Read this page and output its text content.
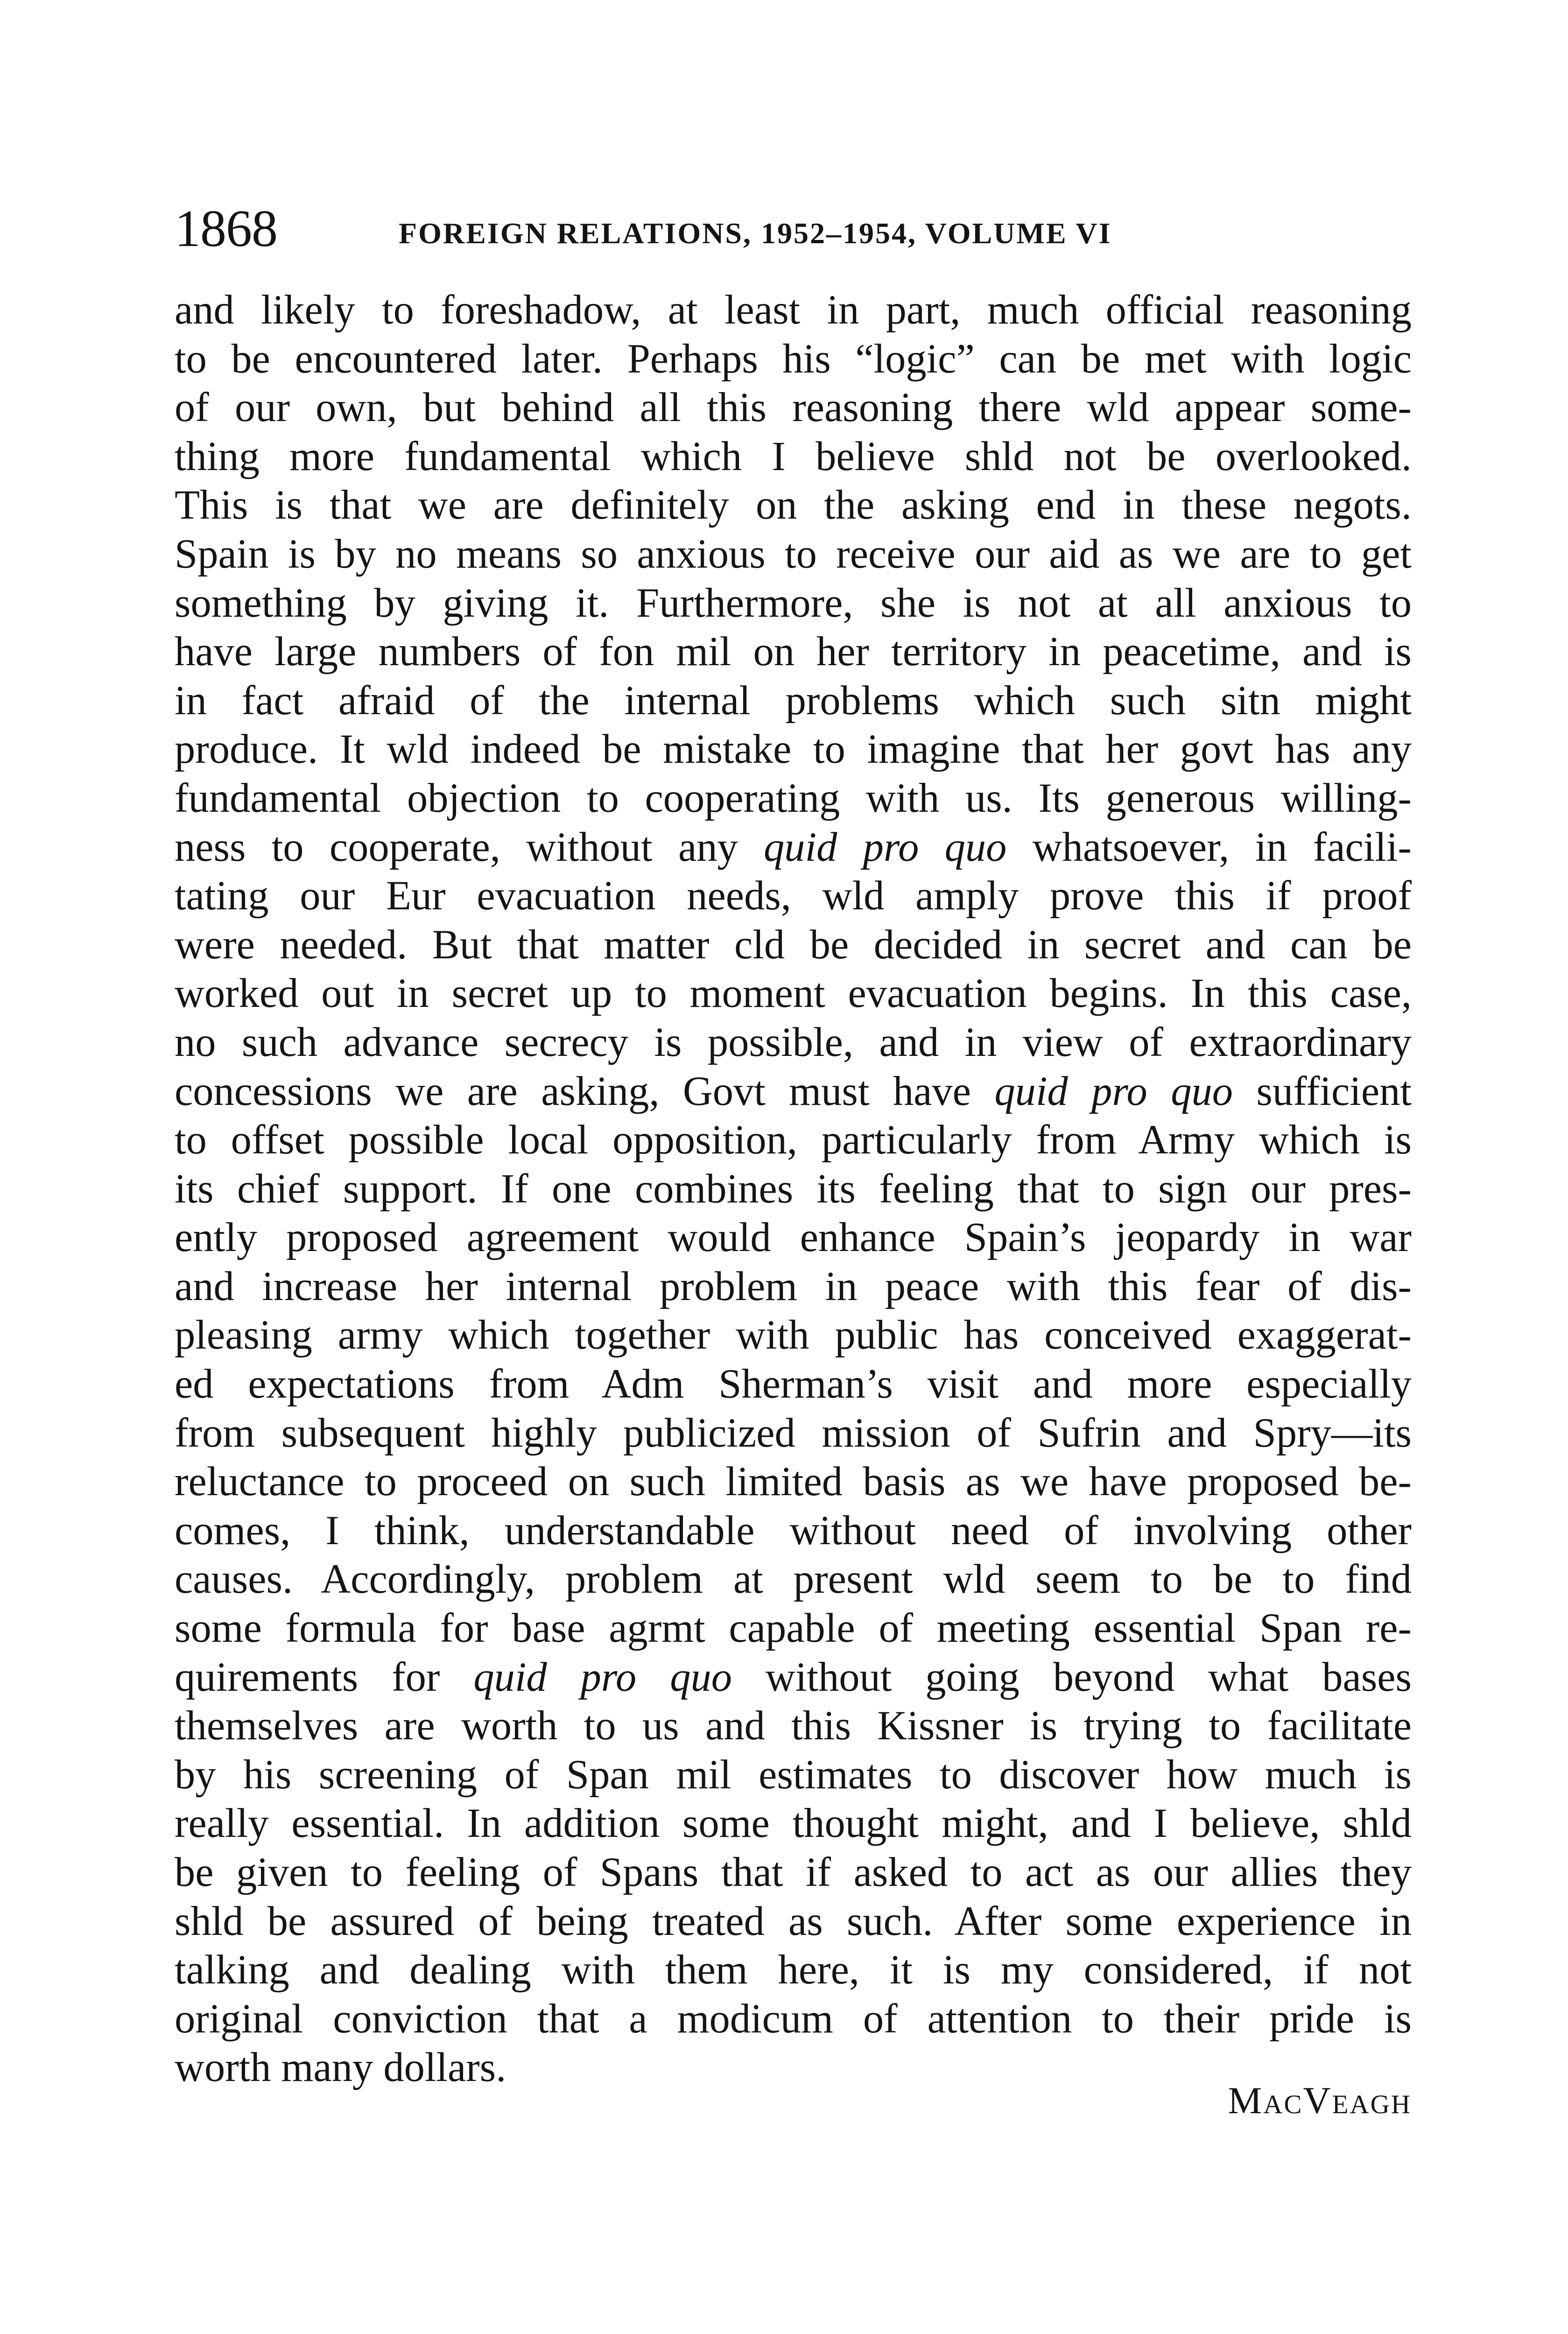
1868	FOREIGN RELATIONS, 1952–1954, VOLUME VI
and likely to foreshadow, at least in part, much official reasoning
to be encountered later. Perhaps his “logic” can be met with logic
of our own, but behind all this reasoning there wld appear some-
thing more fundamental which I believe shld not be overlooked.
This is that we are definitely on the asking end in these negots.
Spain is by no means so anxious to receive our aid as we are to get
something by giving it. Furthermore, she is not at all anxious to
have large numbers of fon mil on her territory in peacetime, and is
in fact afraid of the internal problems which such sitn might
produce. It wld indeed be mistake to imagine that her govt has any
fundamental objection to cooperating with us. Its generous willing-
ness to cooperate, without any quid pro quo whatsoever, in facili-
tating our Eur evacuation needs, wld amply prove this if proof
were needed. But that matter cld be decided in secret and can be
worked out in secret up to moment evacuation begins. In this case,
no such advance secrecy is possible, and in view of extraordinary
concessions we are asking, Govt must have quid pro quo sufficient
to offset possible local opposition, particularly from Army which is
its chief support. If one combines its feeling that to sign our pres-
ently proposed agreement would enhance Spain’s jeopardy in war
and increase her internal problem in peace with this fear of dis-
pleasing army which together with public has conceived exaggerat-
ed expectations from Adm Sherman’s visit and more especially
from subsequent highly publicized mission of Sufrin and Spry—its
reluctance to proceed on such limited basis as we have proposed be-
comes, I think, understandable without need of involving other
causes. Accordingly, problem at present wld seem to be to find
some formula for base agrmt capable of meeting essential Span re-
quirements for quid pro quo without going beyond what bases
themselves are worth to us and this Kissner is trying to facilitate
by his screening of Span mil estimates to discover how much is
really essential. In addition some thought might, and I believe, shld
be given to feeling of Spans that if asked to act as our allies they
shld be assured of being treated as such. After some experience in
talking and dealing with them here, it is my considered, if not
original conviction that a modicum of attention to their pride is
worth many dollars.
MacVeagh
